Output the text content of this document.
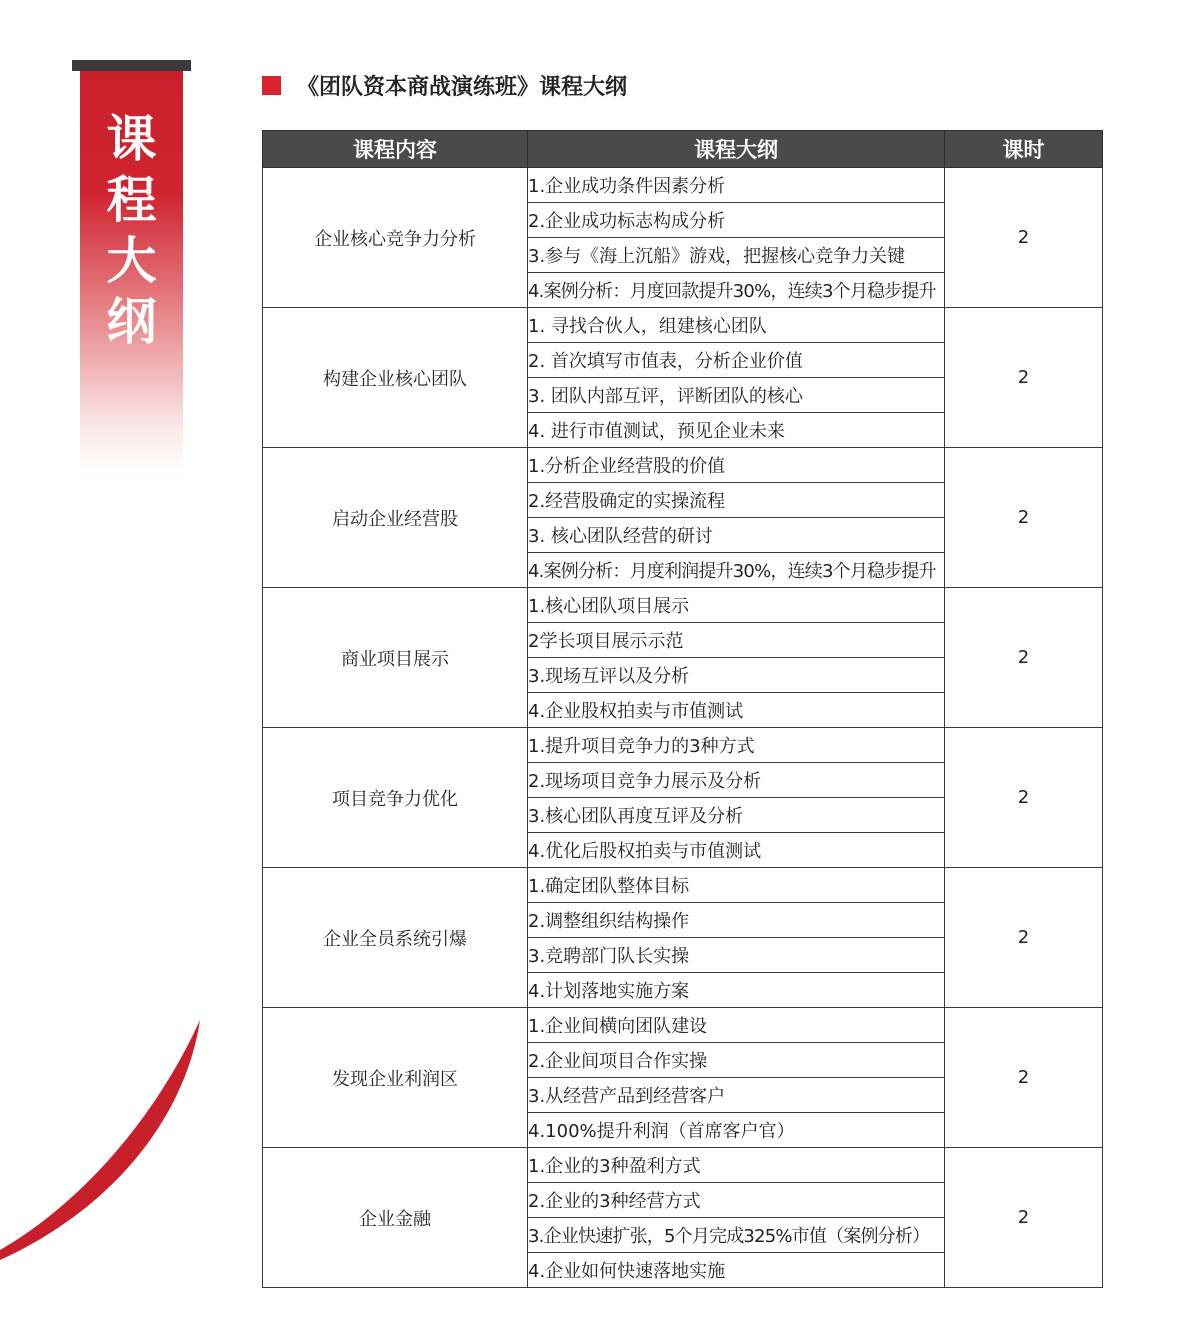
课
程
大
纲
《团队资本商战演练班》课程大纲
课程内容	课程大纲	课时
企业核心竞争力分析	1.企业成功条件因素分析	2
	2.企业成功标志构成分析	
	3.参与《海上沉船》游戏，把握核心竞争力关键	
	4.案例分析：月度回款提升30%，连续3个月稳步提升	
构建企业核心团队	1. 寻找合伙人，组建核心团队	2
	2. 首次填写市值表，分析企业价值	
	3. 团队内部互评，评断团队的核心	
	4. 进行市值测试，预见企业未来	
启动企业经营股	1.分析企业经营股的价值	2
	2.经营股确定的实操流程	
	3. 核心团队经营的研讨	
	4.案例分析：月度利润提升30%，连续3个月稳步提升	
商业项目展示	1.核心团队项目展示	2
	2学长项目展示示范	
	3.现场互评以及分析	
	4.企业股权拍卖与市值测试	
项目竞争力优化	1.提升项目竞争力的3种方式	2
	2.现场项目竞争力展示及分析	
	3.核心团队再度互评及分析	
	4.优化后股权拍卖与市值测试	
企业全员系统引爆	1.确定团队整体目标	2
	2.调整组织结构操作	
	3.竞聘部门队长实操	
	4.计划落地实施方案	
发现企业利润区	1.企业间横向团队建设	2
	2.企业间项目合作实操	
	3.从经营产品到经营客户	
	4.100%提升利润（首席客户官）	
企业金融	1.企业的3种盈利方式	2
	2.企业的3种经营方式	
	3.企业快速扩张，5个月完成325%市值（案例分析）	
	4.企业如何快速落地实施	
